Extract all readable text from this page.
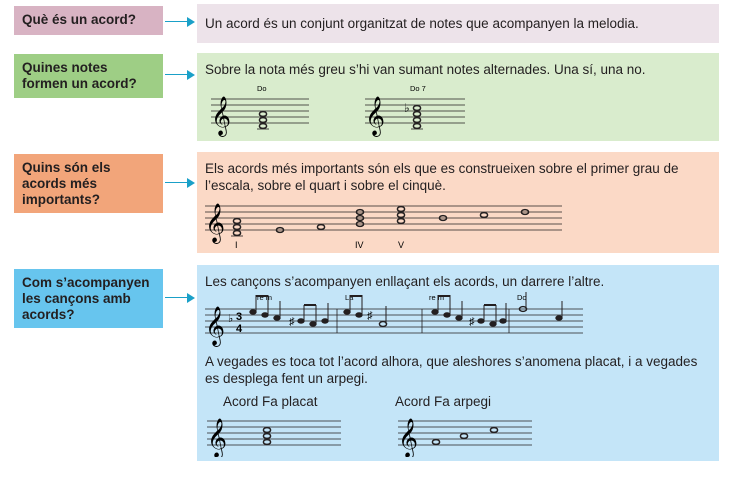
Què és un acord?	Un acord és un conjunt organitzat de notes que acompanyen la melodia.

Quines notes formen un acord?

Sobre la nota més greu s’hi van sumant notes alternades. Una sí, una no.

𝄞
Do
𝄞
Do 7
♭
Quins són els acords més importants?

Els acords més importants són els que es construeixen sobre el primer grau de l’escala, sobre el quart i sobre el cinquè.

𝄞
I	IV	V
Com s’acompanyen les cançons amb acords?

Les cançons s’acompanyen enllaçant els acords, un darrere l’altre.

𝄞 ♭ 3
4
re m	La	re m	Do
♯	♯	♯

A vegades es toca tot l’acord alhora, que aleshores s’anomena placat, i a vegades es desplega fent un arpegi.

Acord Fa placat	Acord Fa arpegi
𝄞	𝄞
